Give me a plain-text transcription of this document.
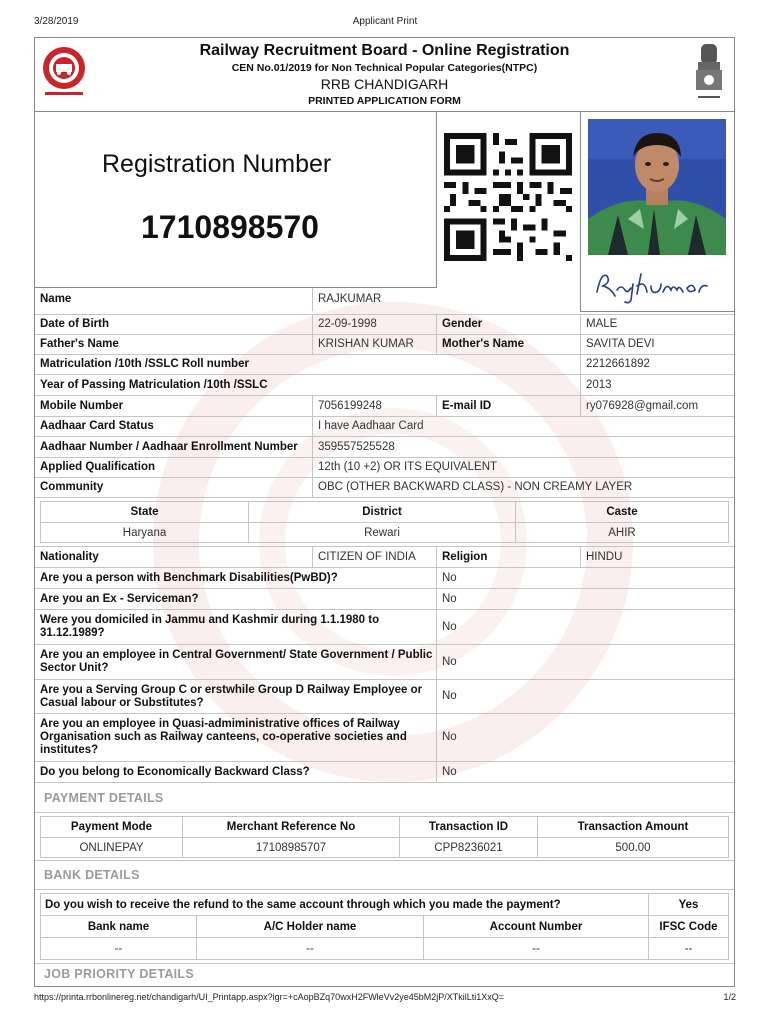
3/28/2019	Applicant Print
Railway Recruitment Board - Online Registration
CEN No.01/2019 for Non Technical Popular Categories(NTPC)
RRB CHANDIGARH
PRINTED APPLICATION FORM
Registration Number
1710898570
Name	RAJKUMAR
Date of Birth	22-09-1998	Gender	MALE
Father's Name	KRISHAN KUMAR	Mother's Name	SAVITA DEVI
Matriculation /10th /SSLC Roll number	2212661892
Year of Passing Matriculation /10th /SSLC	2013
Mobile Number	7056199248	E-mail ID	ry076928@gmail.com
Aadhaar Card Status	I have Aadhaar Card
Aadhaar Number / Aadhaar Enrollment Number	359557525528
Applied Qualification	12th (10 +2) OR ITS EQUIVALENT
Community	OBC (OTHER BACKWARD CLASS) - NON CREAMY LAYER
State	District	Caste
Haryana	Rewari	AHIR
Nationality	CITIZEN OF INDIA	Religion	HINDU
Are you a person with Benchmark Disabilities(PwBD)?	No
Are you an Ex - Serviceman?	No
Were you domiciled in Jammu and Kashmir during 1.1.1980 to 31.12.1989?
No
Are you an employee in Central Government/ State Government / Public Sector Unit?
No
Are you a Serving Group C or erstwhile Group D Railway Employee or Casual labour or Substitutes?
No
Are you an employee in Quasi-admiministrative offices of Railway Organisation such as Railway canteens, co-operative societies and institutes?
No
Do you belong to Economically Backward Class?	No
PAYMENT DETAILS
Payment Mode	Merchant Reference No	Transaction ID	Transaction Amount
ONLINEPAY	17108985707	CPP8236021	500.00
BANK DETAILS
Do you wish to receive the refund to the same account through which you made the payment?	Yes
Bank name	A/C Holder name	Account Number	IFSC Code
--	--	--	--
JOB PRIORITY DETAILS
https://printa.rrbonlinereg.net/chandigarh/UI_Printapp.aspx?igr=+cAopBZq70wxH2FWleVv2ye45bM2jP/XTkilLti1XxQ=	1/2
